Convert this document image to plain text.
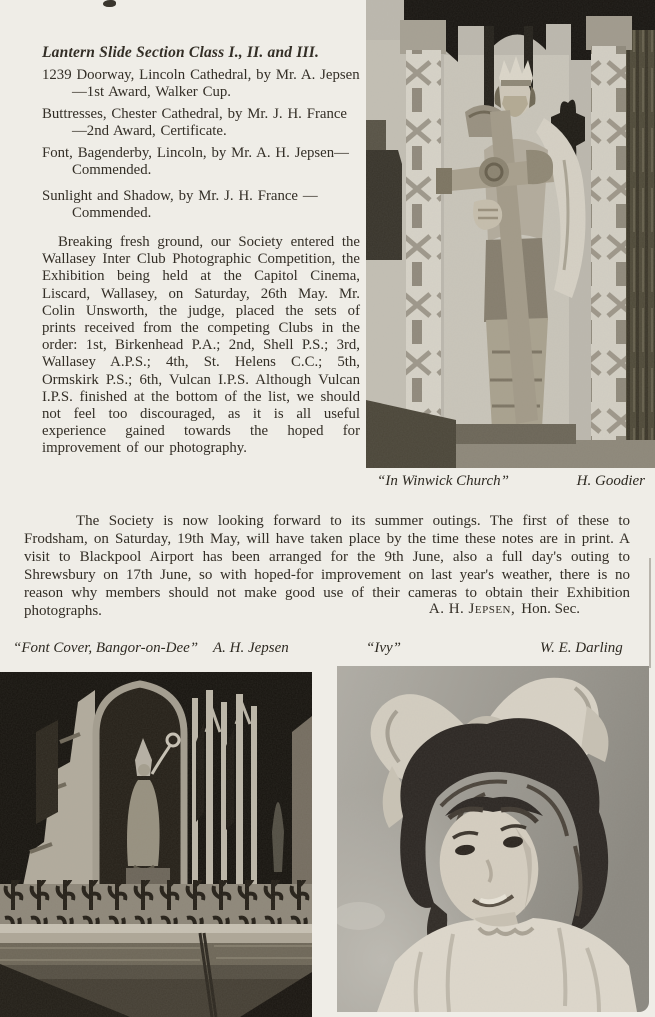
Lantern Slide Section Class I., II. and III.

1239 Doorway, Lincoln Cathedral, by Mr. A. Jepsen—1st Award, Walker Cup.

Buttresses, Chester Cathedral, by Mr. J. H. France—2nd Award, Certificate.

Font, Bagenderby, Lincoln, by Mr. A. H. Jepsen—Commended.

Sunlight and Shadow, by Mr. J. H. France —Commended.

Breaking fresh ground, our Society entered the Wallasey Inter Club Photographic Competition, the Exhibition being held at the Capitol Cinema, Liscard, Wallasey, on Saturday, 26th May. Mr. Colin Unsworth, the judge, placed the sets of prints received from the competing Clubs in the order: 1st, Birkenhead P.A.; 2nd, Shell P.S.; 3rd, Wallasey A.P.S.; 4th, St. Helens C.C.; 5th, Ormskirk P.S.; 6th, Vulcan I.P.S. Although Vulcan I.P.S. finished at the bottom of the list, we should not feel too discouraged, as it is all useful experience gained towards the hoped for improvement of our photography.

“In Winwick Church”	H. Goodier

The Society is now looking forward to its summer outings. The first of these to Frodsham, on Saturday, 19th May, will have taken place by the time these notes are in print. A visit to Blackpool Airport has been arranged for the 9th June, also a full day's outing to Shrewsbury on 17th June, so with hoped-for improvement on last year's weather, there is no reason why members should not make good use of their cameras to obtain their Exhibition photographs.	A. H. Jepsen, Hon. Sec.
“Font Cover, Bangor-on-Dee” A. H. Jepsen	“Ivy”	W. E. Darling
